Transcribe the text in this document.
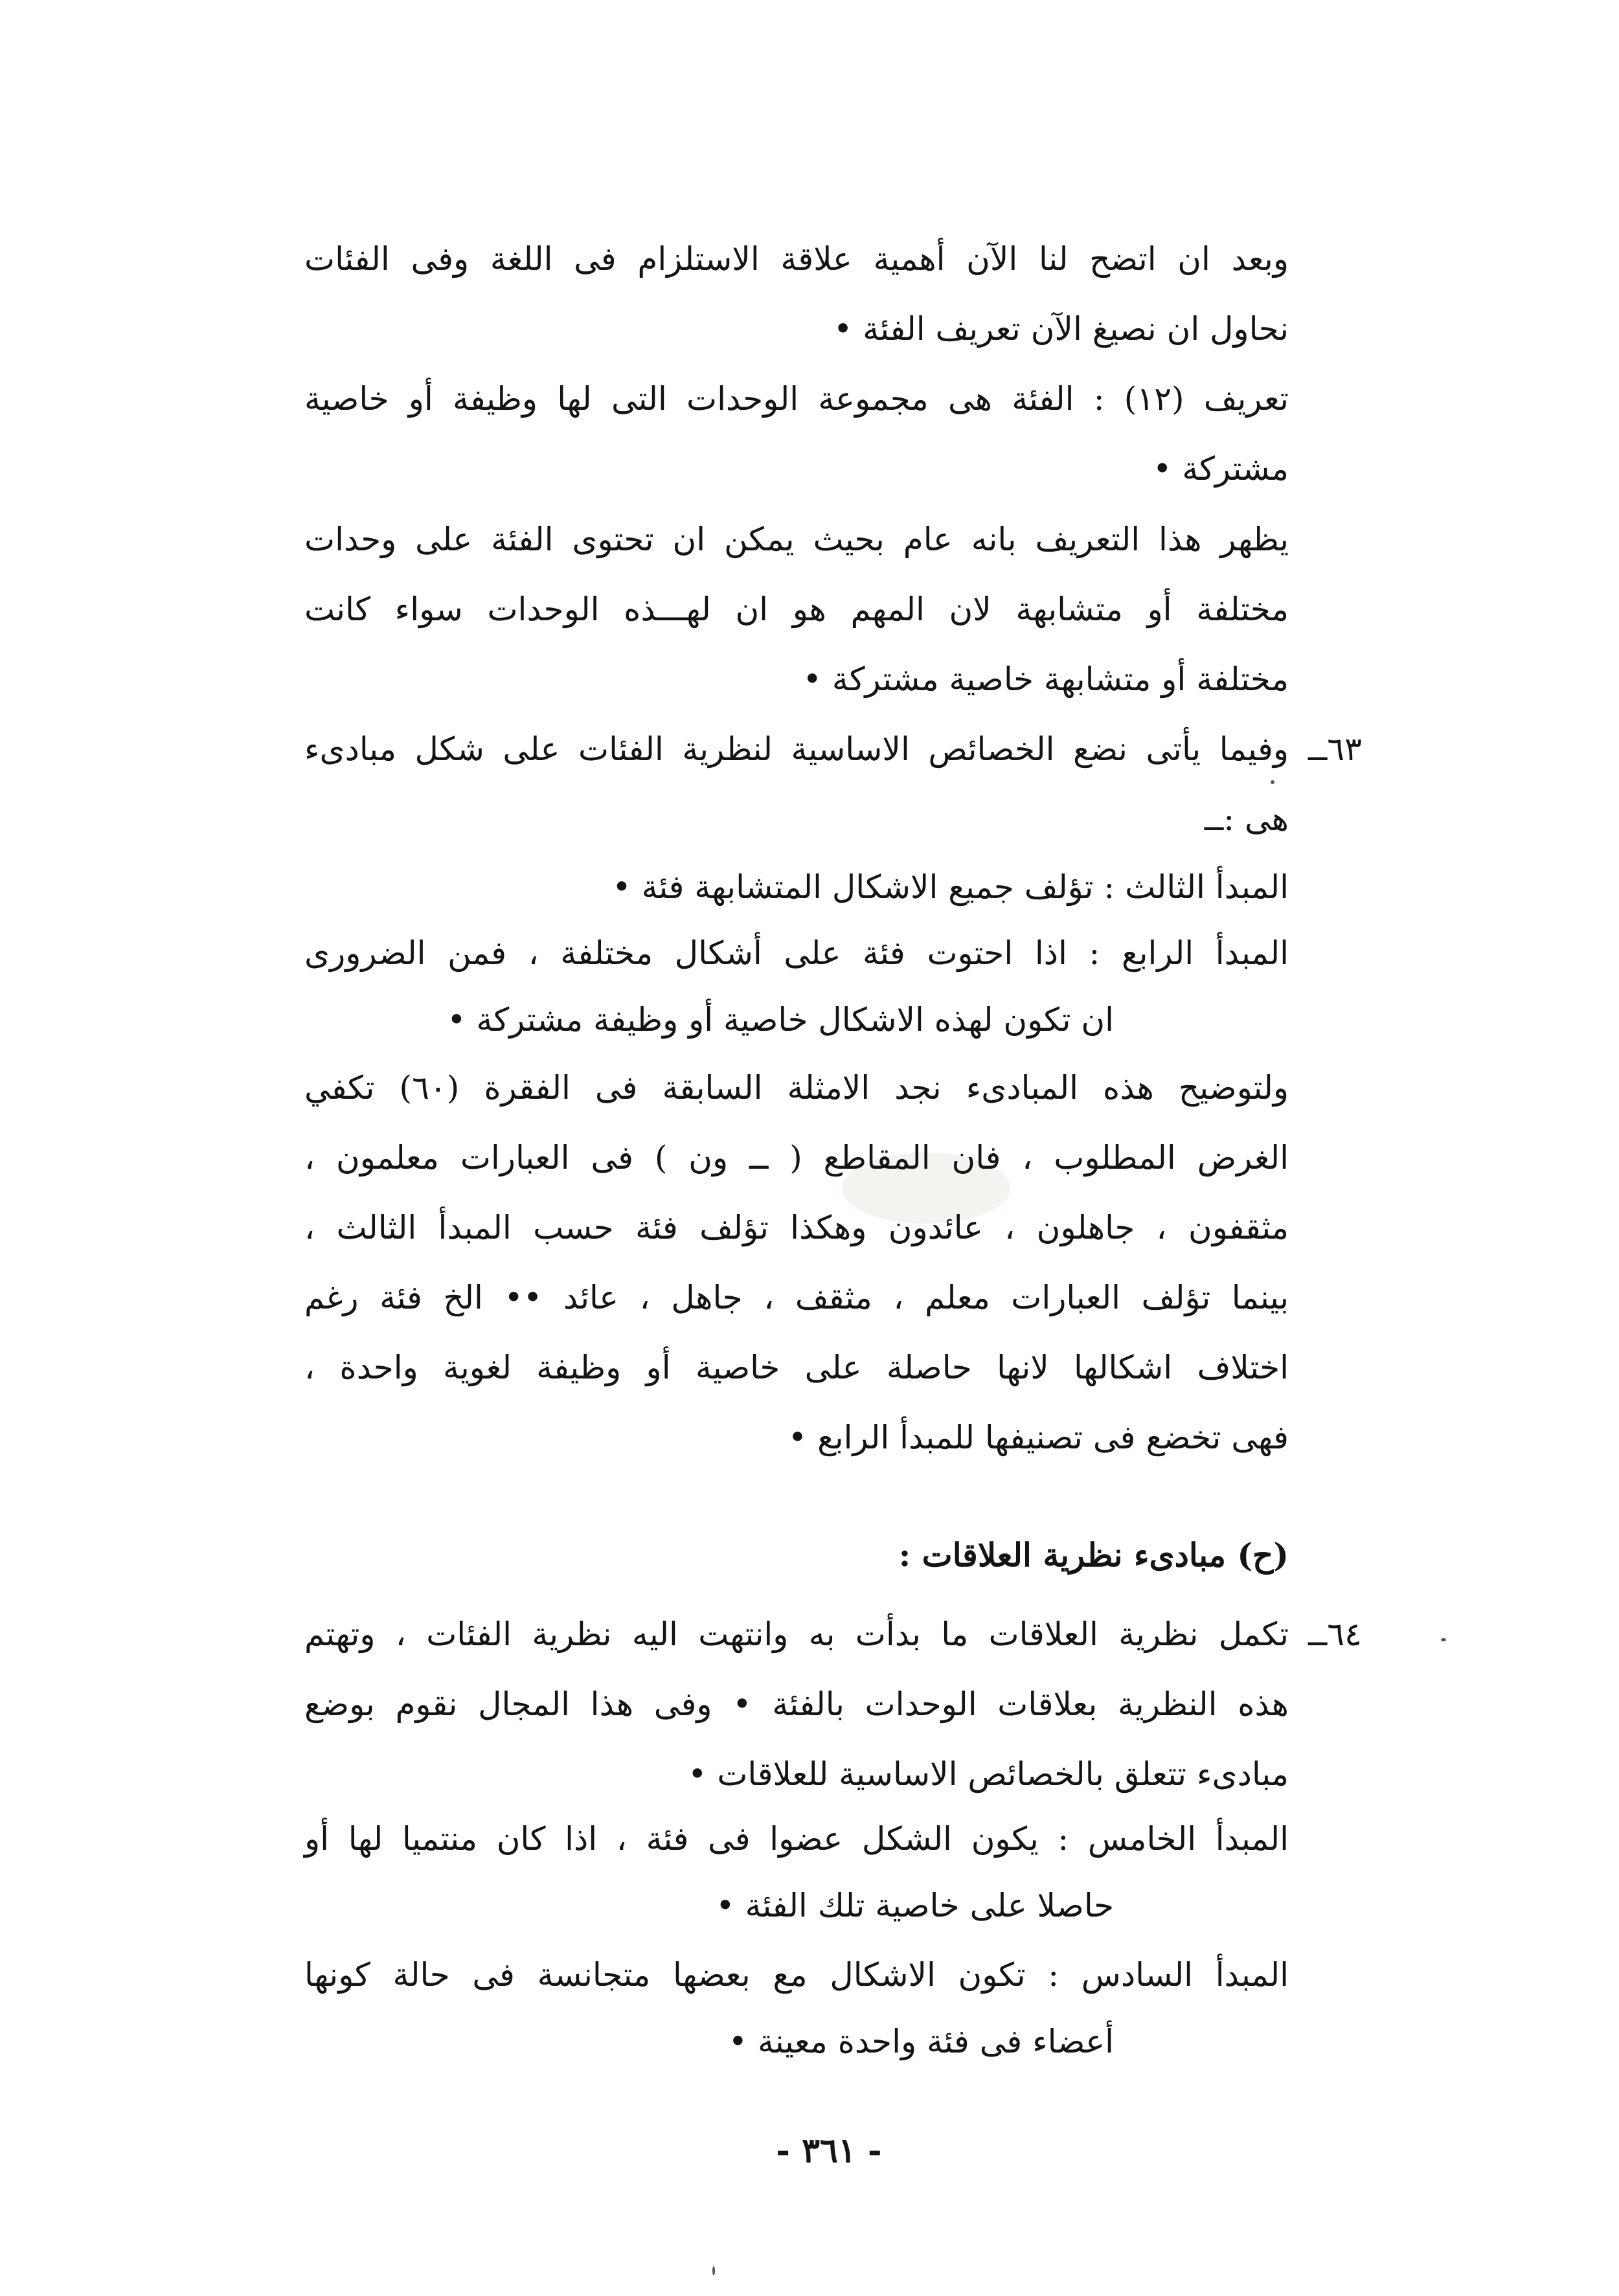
وبعد ان اتضح لنا الآن أهمية علاقة الاستلزام فى اللغة وفى الفئات
نحاول ان نصيغ الآن تعريف الفئة •
تعريف (١٢) : الفئة هى مجموعة الوحدات التى لها وظيفة أو خاصية
مشتركة •
يظهر هذا التعريف بانه عام بحيث يمكن ان تحتوى الفئة على وحدات
مختلفة أو متشابهة لان المهم هو ان لهـــذه الوحدات سواء كانت
مختلفة أو متشابهة خاصية مشتركة •
٦٣ــ
وفيما يأتى نضع الخصائص الاساسية لنظرية الفئات على شكل مبادىء
هى :ــ
المبدأ الثالث : تؤلف جميع الاشكال المتشابهة فئة •
المبدأ الرابع : اذا احتوت فئة على أشكال مختلفة ، فمن الضرورى
ان تكون لهذه الاشكال خاصية أو وظيفة مشتركة •
ولتوضيح هذه المبادىء نجد الامثلة السابقة فى الفقرة (٦٠) تكفي
الغرض المطلوب ، فان المقاطع ( ــ ون ) فى العبارات معلمون ،
مثقفون ، جاهلون ، عائدون وهكذا تؤلف فئة حسب المبدأ الثالث ،
بينما تؤلف العبارات معلم ، مثقف ، جاهل ، عائد •• الخ فئة رغم
اختلاف اشكالها لانها حاصلة على خاصية أو وظيفة لغوية واحدة ،
فهى تخضع فى تصنيفها للمبدأ الرابع •
(ح) مبادىء نظرية العلاقات :
٦٤ــ
تكمل نظرية العلاقات ما بدأت به وانتهت اليه نظرية الفئات ، وتهتم
هذه النظرية بعلاقات الوحدات بالفئة • وفى هذا المجال نقوم بوضع
مبادىء تتعلق بالخصائص الاساسية للعلاقات •
المبدأ الخامس : يكون الشكل عضوا فى فئة ، اذا كان منتميا لها أو
حاصلا على خاصية تلك الفئة •
المبدأ السادس : تكون الاشكال مع بعضها متجانسة فى حالة كونها
أعضاء فى فئة واحدة معينة •
- ٣٦١ -
